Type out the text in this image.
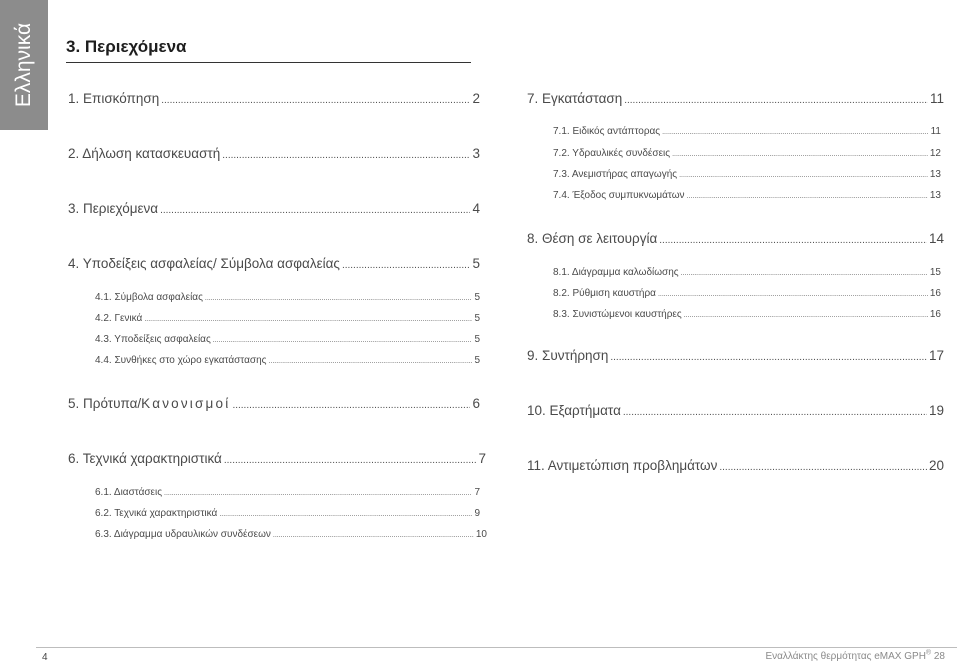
Ελληνικά 3. Περιεχόμενα
1. Επισκόπηση .....	2
2. Δήλωση κατασκευαστή .....	3
3. Περιεχόμενα .....	4
4. Υποδείξεις ασφαλείας/ Σύμβολα ασφαλείας .....	5
4.1. Σύμβολα ασφαλείας .....	5
4.2. Γενικά .....	5
4.3. Υποδείξεις ασφαλείας .....	5
4.4. Συνθήκες στο χώρο εγκατάστασης .....	5
5. Πρότυπα/Κανονισμοί .....	6
6. Τεχνικά χαρακτηριστικά .....	7
6.1. Διαστάσεις .....	7
6.2. Τεχνικά χαρακτηριστικά .....	9
6.3. Διάγραμμα υδραυλικών συνδέσεων .....	10
7. Εγκατάσταση .....	11
7.1. Ειδικός αντάπτορας .....	11
7.2. Υδραυλικές συνδέσεις .....	12
7.3. Ανεμιστήρας απαγωγής .....	13
7.4. Έξοδος συμπυκνωμάτων .....	13
8. Θέση σε λειτουργία .....	14
8.1. Διάγραμμα καλωδίωσης .....	15
8.2. Ρύθμιση καυστήρα .....	16
8.3. Συνιστώμενοι καυστήρες .....	16
9. Συντήρηση .....	17
10. Εξαρτήματα .....	19
11. Αντιμετώπιση προβλημάτων .....	20
4	Εναλλάκτης θερμότητας eMAX GPH® 28
